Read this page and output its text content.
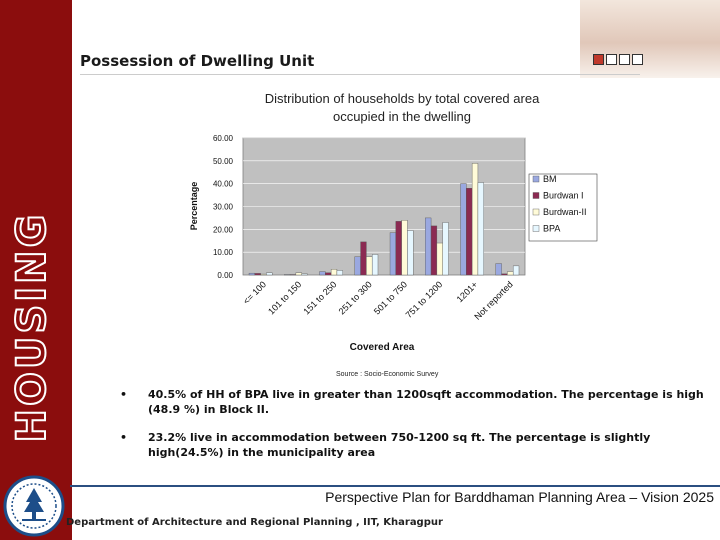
HOUSING
Possession of Dwelling Unit
Distribution of households by total covered area
occupied in the dwelling
0.00
10.00
20.00
30.00
40.00
50.00
60.00
<= 100
101 to 150
151 to 250
251 to 300
501 to 750
751 to 1200 1201+
Not reported
Percentage
Covered Area
BM
Burdwan I
Burdwan-II
BPA
Source : Socio-Economic Survey
• 40.5% of HH of BPA live in greater than 1200sqft accommodation. The percentage is high (48.9 %) in Block II.
• 23.2% live in accommodation between 750-1200 sq ft. The percentage is slightly high(24.5%) in the municipality area
Perspective Plan for Barddhaman Planning Area – Vision 2025
Department of Architecture and Regional Planning , IIT, Kharagpur
